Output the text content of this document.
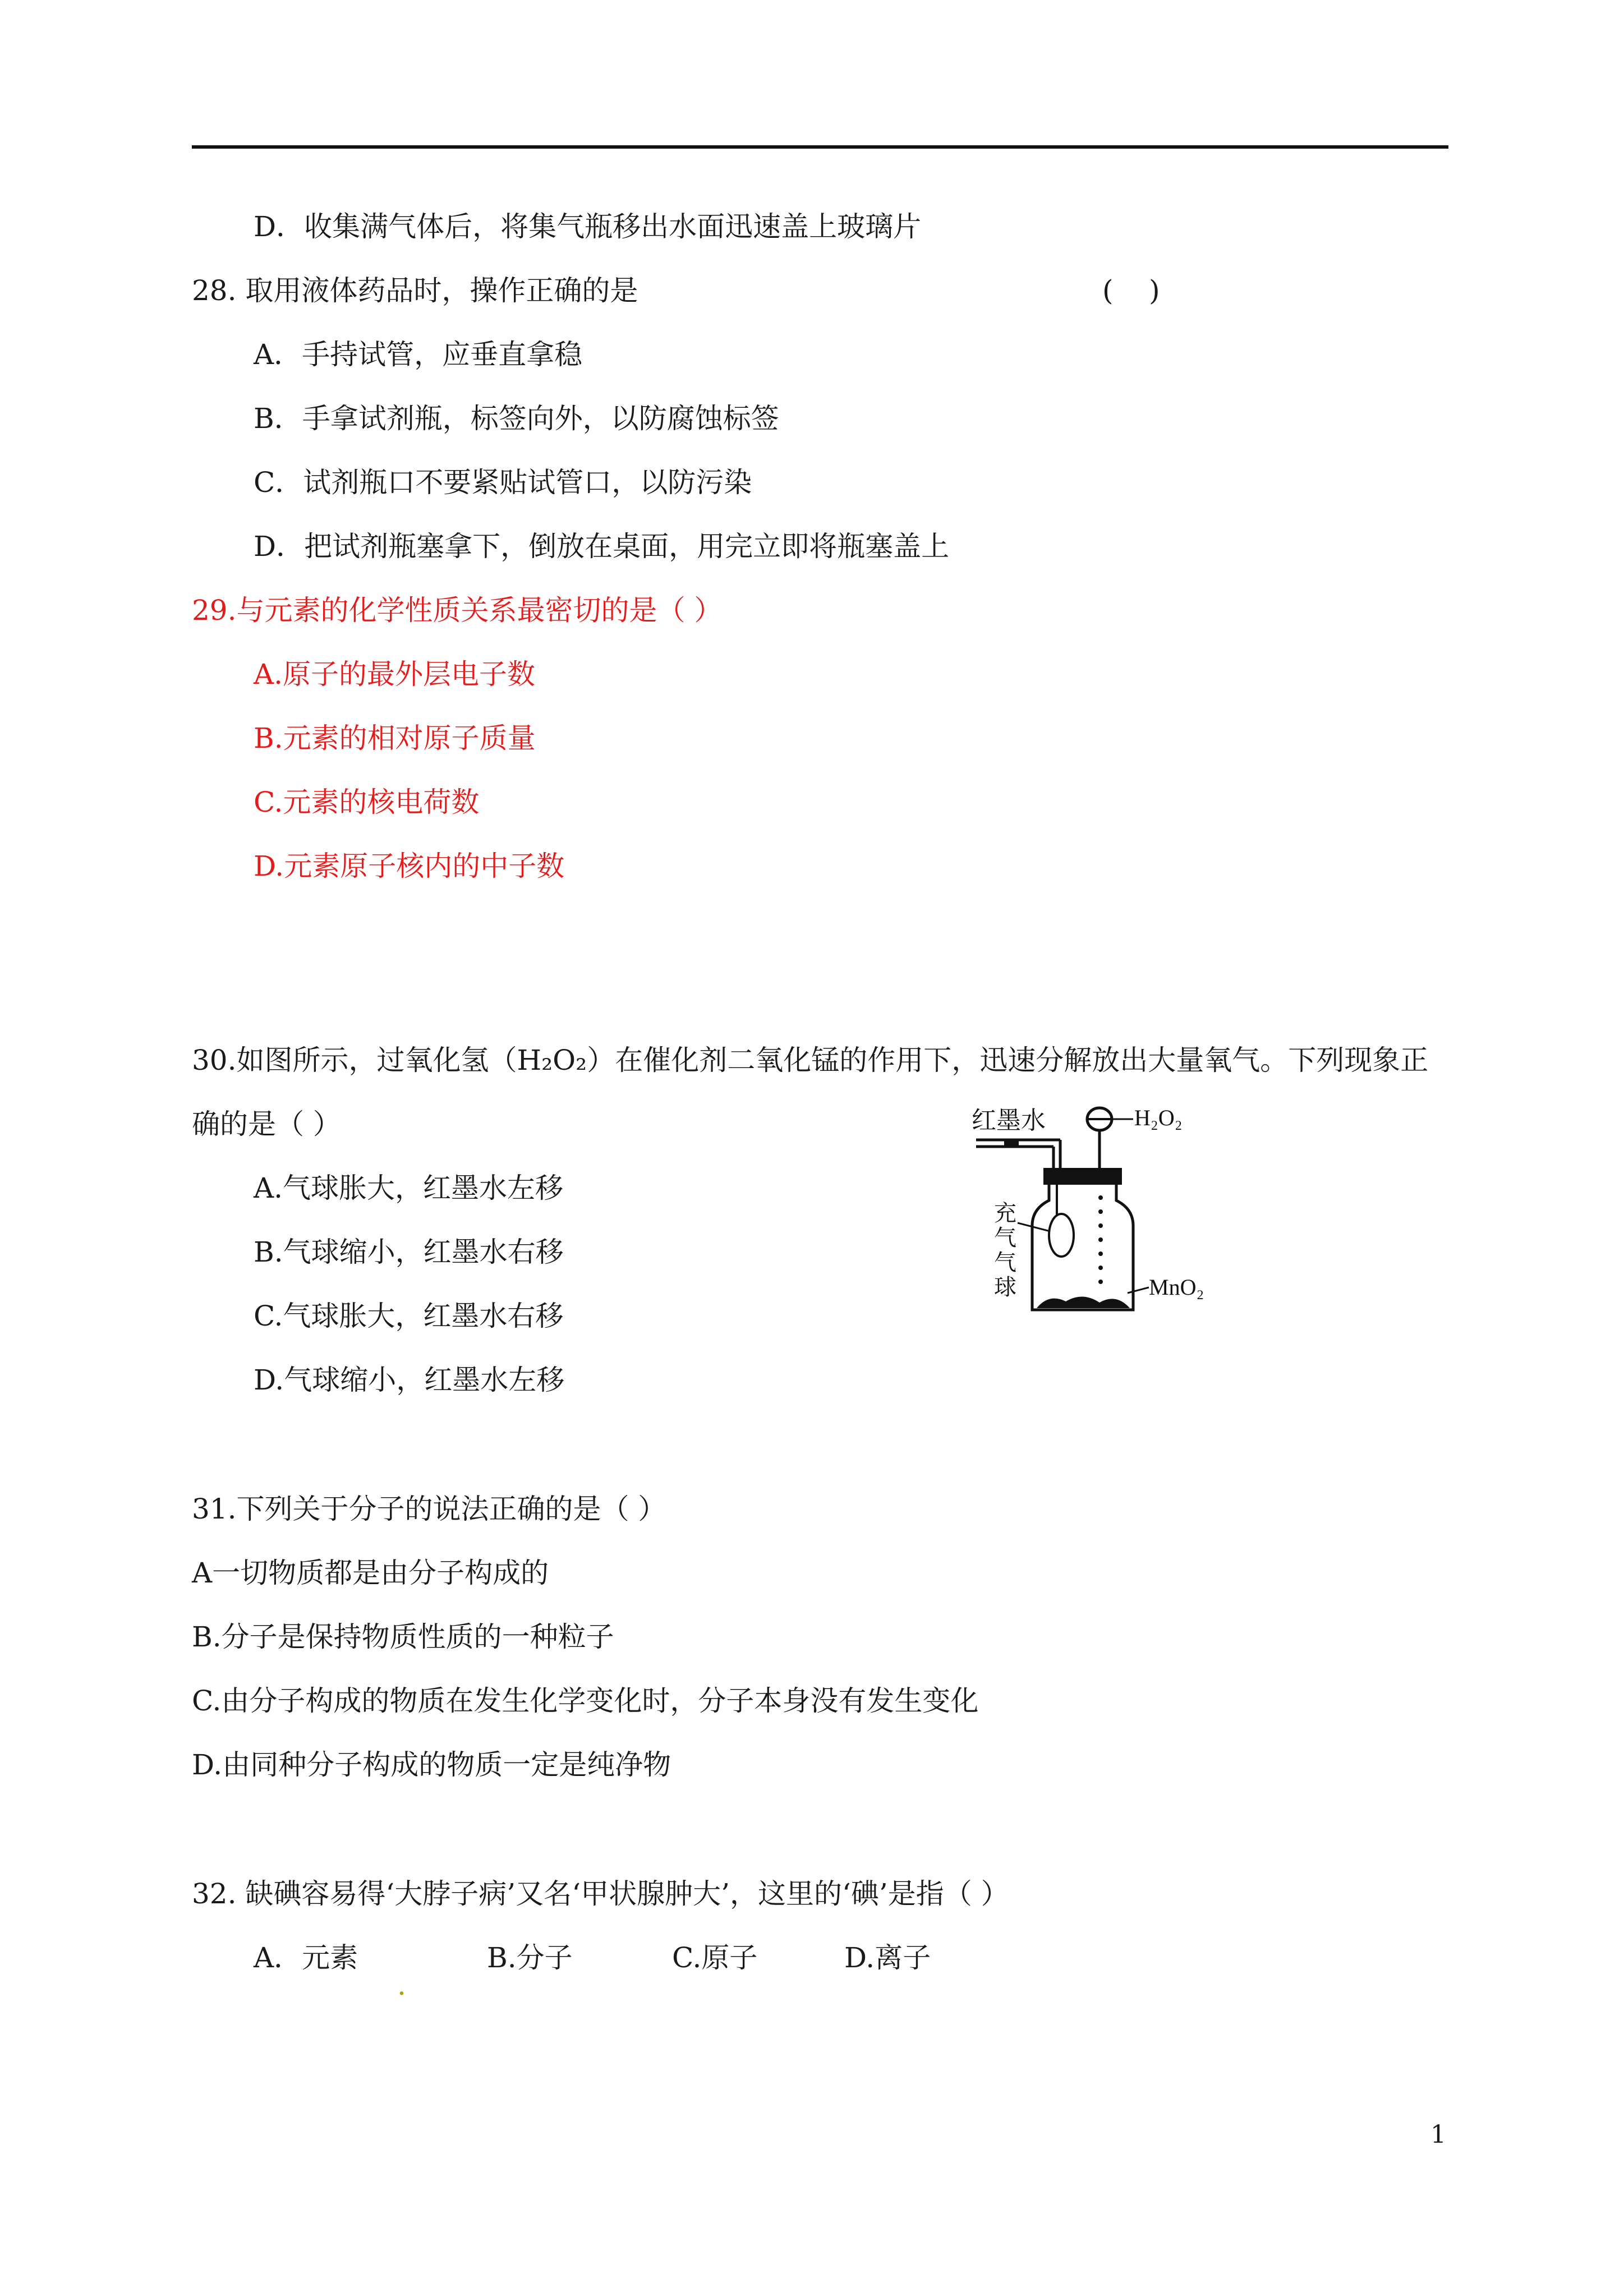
D．收集满气体后，将集气瓶移出水面迅速盖上玻璃片
28. 取用液体药品时，操作正确的是	(    )
A．手持试管，应垂直拿稳
B．手拿试剂瓶，标签向外，以防腐蚀标签
C．试剂瓶口不要紧贴试管口，以防污染
D．把试剂瓶塞拿下，倒放在桌面，用完立即将瓶塞盖上
29.与元素的化学性质关系最密切的是（ ）
A.原子的最外层电子数
B.元素的相对原子质量
C.元素的核电荷数
D.元素原子核内的中子数
30.如图所示，过氧化氢（H₂O₂）在催化剂二氧化锰的作用下，迅速分解放出大量氧气。下列现象正
确的是（ ）
A.气球胀大，红墨水左移
B.气球缩小，红墨水右移
C.气球胀大，红墨水右移
D.气球缩小，红墨水左移
红墨水	H₂O₂
MnO₂
充
气
气
球
31.下列关于分子的说法正确的是（ ）
A一切物质都是由分子构成的
B.分子是保持物质性质的一种粒子
C.由分子构成的物质在发生化学变化时，分子本身没有发生变化
D.由同种分子构成的物质一定是纯净物
32. 缺碘容易得‘大脖子病’又名‘甲状腺肿大’，这里的‘碘’是指（ ）
A．元素
.
B.分子	C.原子	D.离子
1
